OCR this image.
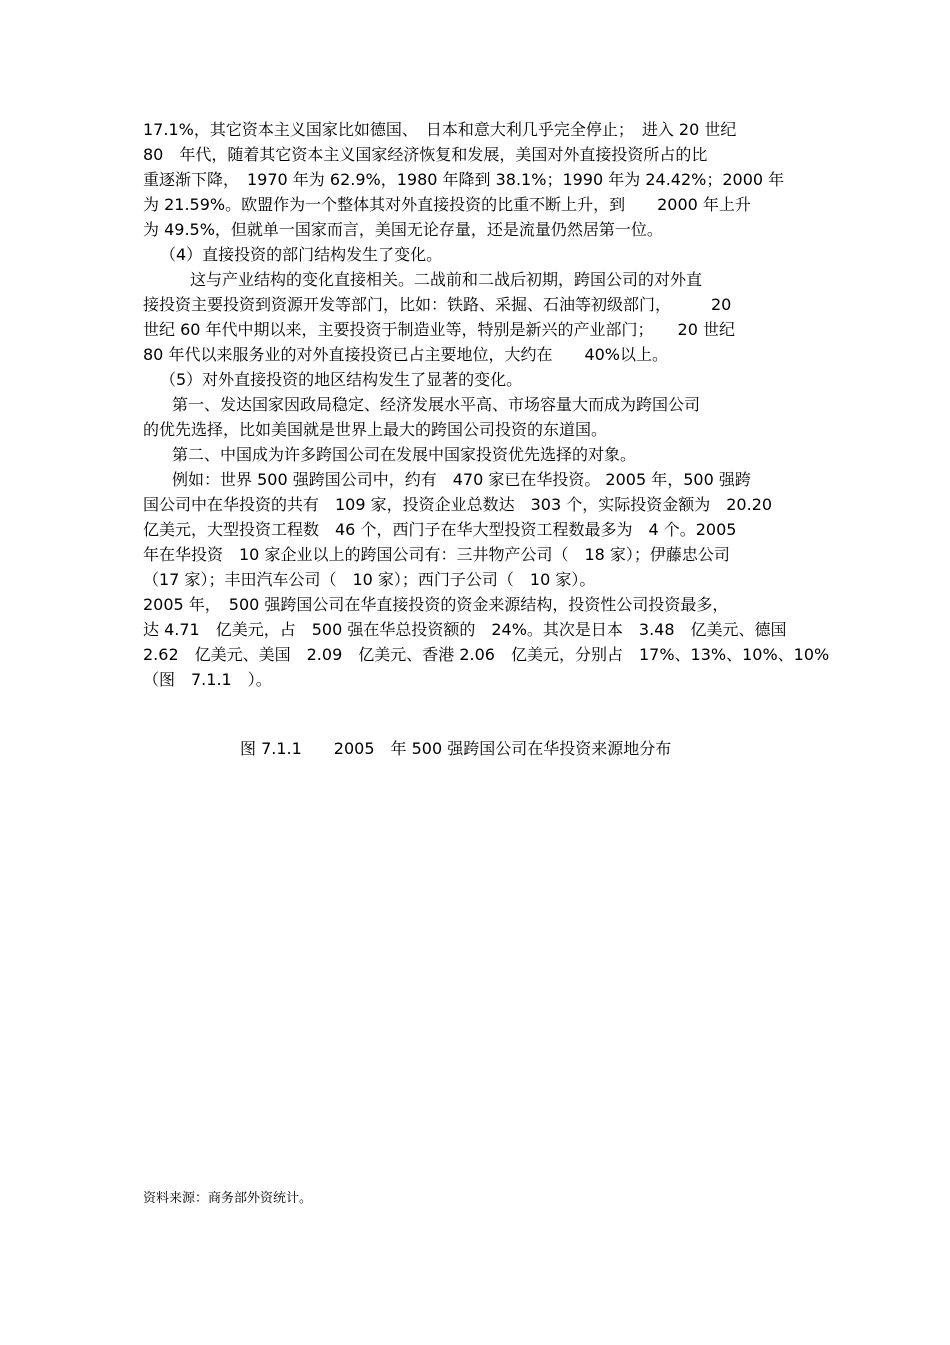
17.1%，其它资本主义国家比如德国、　日本和意大利几乎完全停止；　进入 20 世纪
80　年代，随着其它资本主义国家经济恢复和发展，美国对外直接投资所占的比
重逐渐下降，　1970 年为 62.9%，1980 年降到 38.1%；1990 年为 24.42%；2000 年
为 21.59%。欧盟作为一个整体其对外直接投资的比重不断上升，到　　2000 年上升
为 49.5%，但就单一国家而言，美国无论存量，还是流量仍然居第一位。
（4）直接投资的部门结构发生了变化。
这与产业结构的变化直接相关。二战前和二战后初期，跨国公司的对外直
接投资主要投资到资源开发等部门，比如：铁路、采掘、石油等初级部门，　　　20
世纪 60 年代中期以来，主要投资于制造业等，特别是新兴的产业部门；　　20 世纪
80 年代以来服务业的对外直接投资已占主要地位，大约在　　40%以上。
（5）对外直接投资的地区结构发生了显著的变化。
第一、发达国家因政局稳定、经济发展水平高、市场容量大而成为跨国公司
的优先选择，比如美国就是世界上最大的跨国公司投资的东道国。
第二、中国成为许多跨国公司在发展中国家投资优先选择的对象。
例如：世界 500 强跨国公司中，约有　470 家已在华投资。 2005 年，500 强跨
国公司中在华投资的共有　109 家，投资企业总数达　303 个，实际投资金额为　20.20
亿美元，大型投资工程数　46 个，西门子在华大型投资工程数最多为　4 个。2005
年在华投资　10 家企业以上的跨国公司有：三井物产公司（　18 家）；伊藤忠公司
（17 家）；丰田汽车公司（　10 家）；西门子公司（　10 家）。
2005 年，　500 强跨国公司在华直接投资的资金来源结构，投资性公司投资最多，
达 4.71　亿美元，占　500 强在华总投资额的　24%。其次是日本　3.48　亿美元、德国
2.62　亿美元、美国　2.09　亿美元、香港 2.06　亿美元，分别占　17%、13%、10%、10%
（图　7.1.1　）。
图 7.1.1　　2005　年 500 强跨国公司在华投资来源地分布
资料来源：商务部外资统计。
